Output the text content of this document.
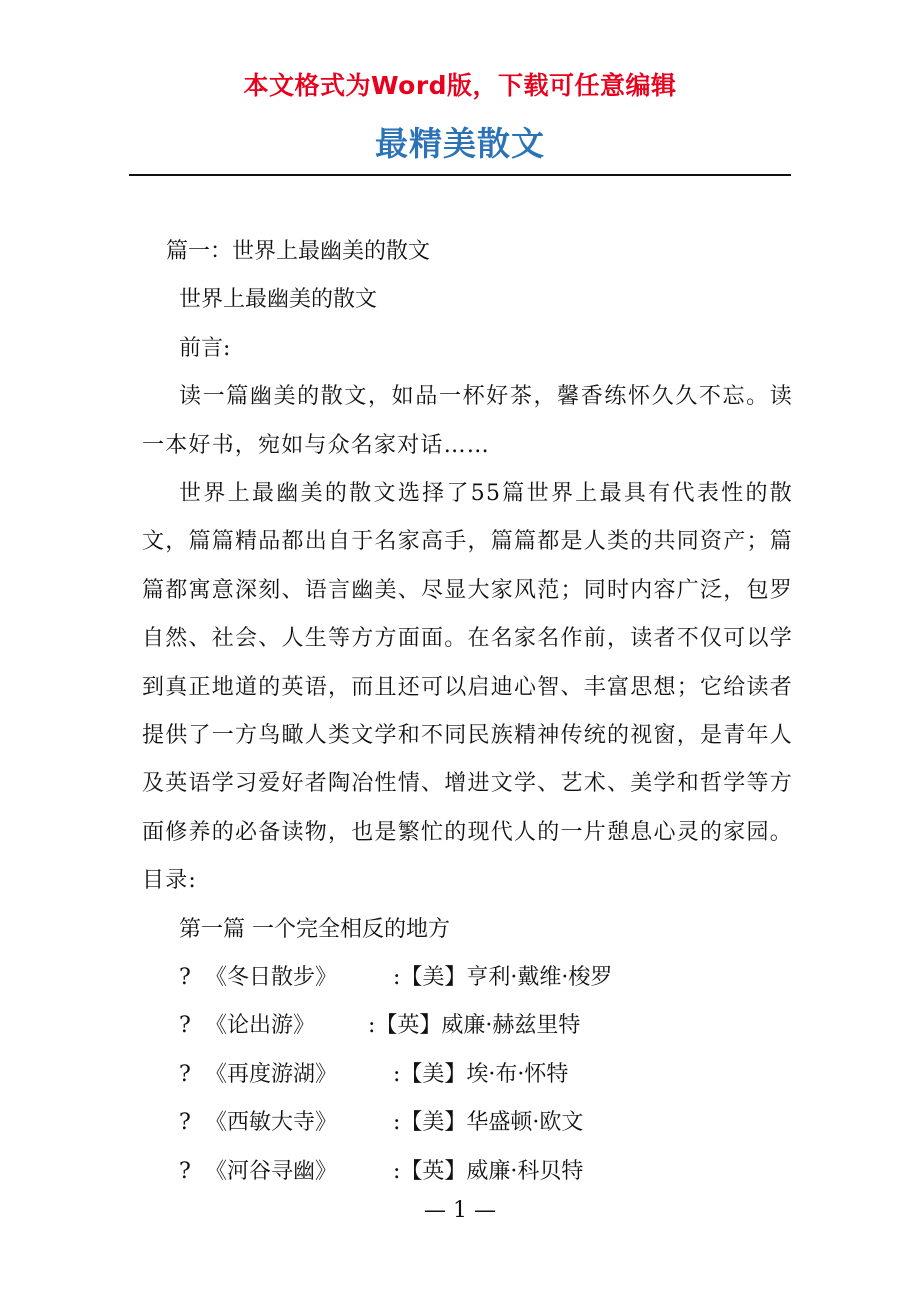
本文格式为Word版，下载可任意编辑
最精美散文
篇一：世界上最幽美的散文
世界上最幽美的散文
前言:
读一篇幽美的散文，如品一杯好茶，馨香练怀久久不忘。读一本好书，宛如与众名家对话……
世界上最幽美的散文选择了55篇世界上最具有代表性的散文，篇篇精品都出自于名家高手，篇篇都是人类的共同资产；篇篇都寓意深刻、语言幽美、尽显大家风范；同时内容广泛，包罗自然、社会、人生等方方面面。在名家名作前，读者不仅可以学到真正地道的英语，而且还可以启迪心智、丰富思想；它给读者提供了一方鸟瞰人类文学和不同民族精神传统的视窗，是青年人及英语学习爱好者陶冶性情、增进文学、艺术、美学和哲学等方面修养的必备读物，也是繁忙的现代人的一片憩息心灵的家园。 目录:
第一篇 一个完全相反的地方
? 《冬日散步》	:【美】亨利·戴维·梭罗
? 《论出游》 :【英】威廉·赫兹里特
? 《再度游湖》	:【美】埃·布·怀特
? 《西敏大寺》	:【美】华盛顿·欧文
? 《河谷寻幽》	:【英】威廉·科贝特
— 1 —
